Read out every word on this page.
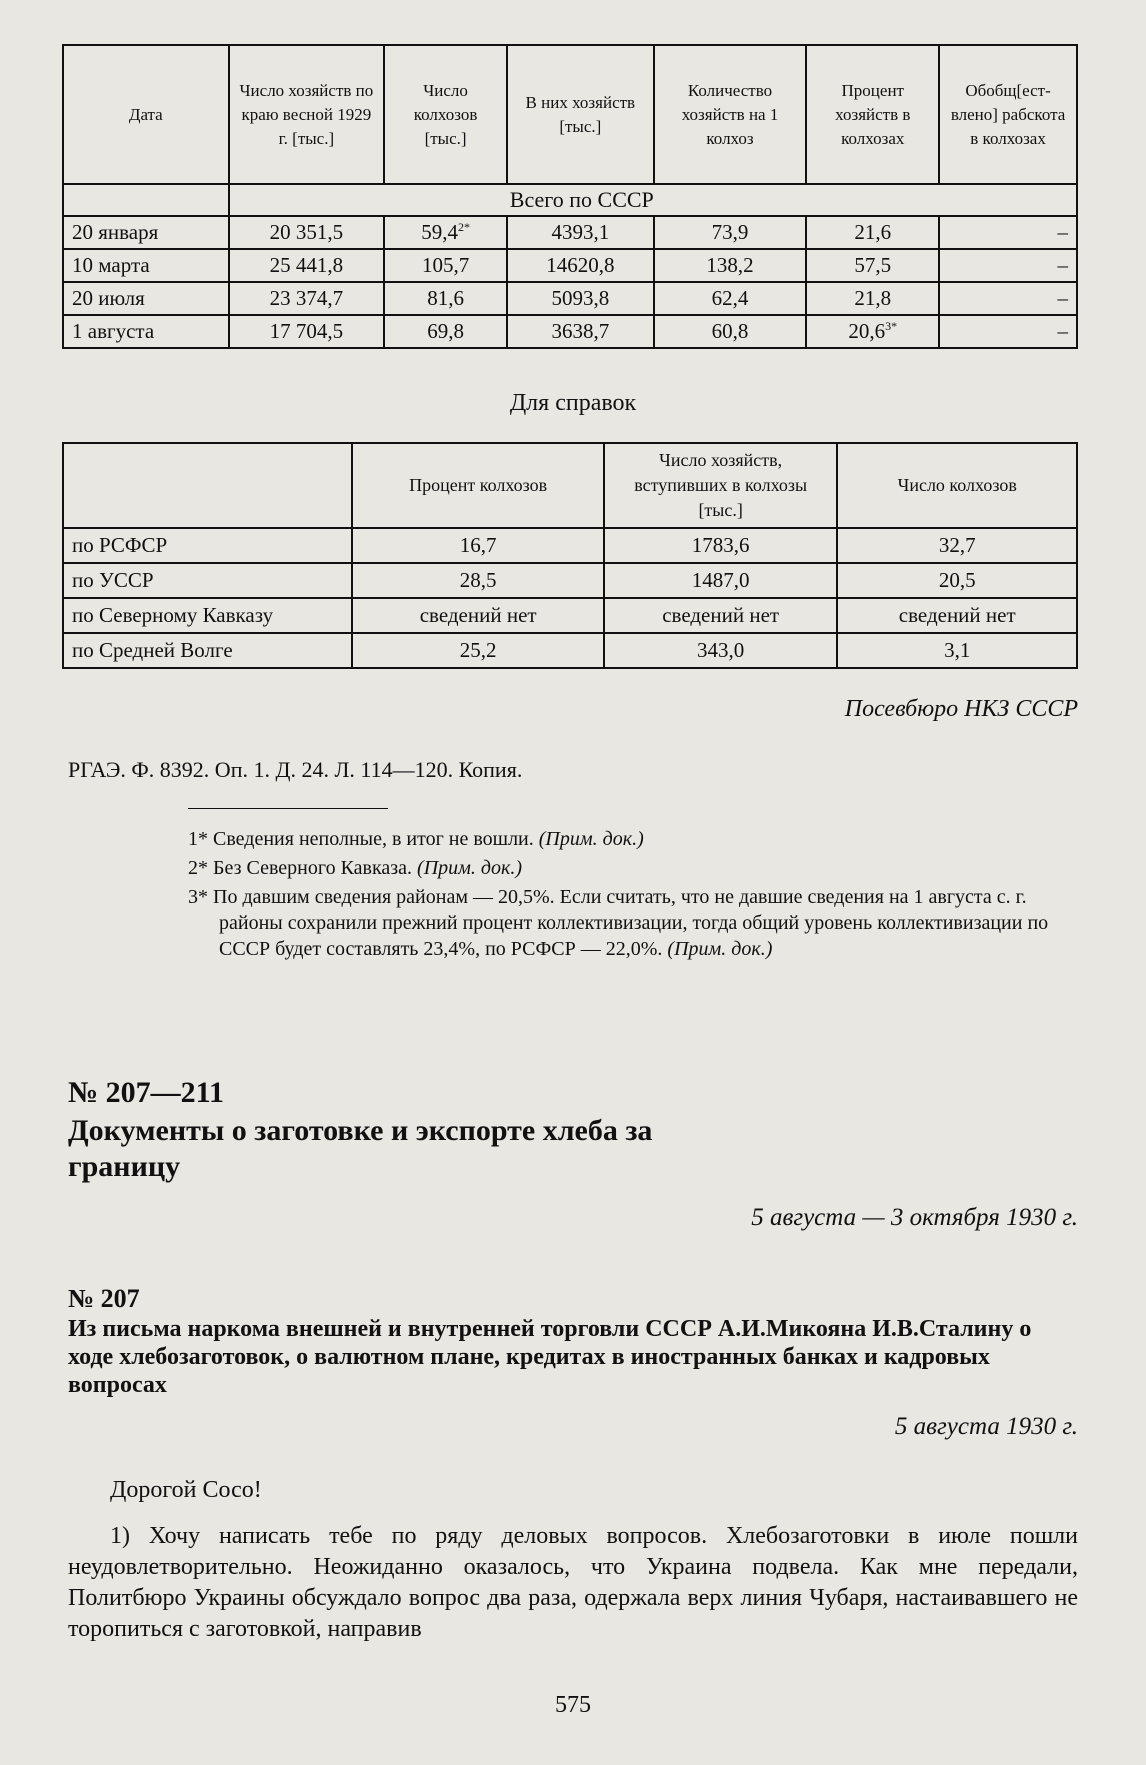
Дата	Число хозяйств по краю весной 1929 г. [тыс.]	Число колхозов [тыс.]	В них хозяйств [тыс.]	Количество хозяйств на 1 колхоз	Процент хозяйств в колхозах	Обобщ[ест-влено] рабскота в колхозах
	Всего по СССР					
20 января	20 351,5	$59,4^{2*}$	4393,1	73,9	21,6	–
10 марта	25 441,8	105,7	14620,8	138,2	57,5	–
20 июля	23 374,7	81,6	5093,8	62,4	21,8	–
1 августа	17 704,5	69,8	3638,7	60,8	$20,6^{3*}$	–
Для справок
	Процент колхозов	Число хозяйств, вступивших в колхозы [тыс.]	Число колхозов
по РСФСР	16,7	1783,6	32,7
по УССР	28,5	1487,0	20,5
по Северному Кавказу	сведений нет	сведений нет	сведений нет
по Средней Волге	25,2	343,0	3,1
Посевбюро НКЗ СССР
РГАЭ. Ф. 8392. Оп. 1. Д. 24. Л. 114—120. Копия.

1* Сведения неполные, в итог не вошли. (Прим. док.)

2* Без Северного Кавказа. (Прим. док.)

3* По давшим сведения районам — 20,5%. Если считать, что не давшие сведения на 1 августа с. г. районы сохранили прежний процент коллективизации, тогда общий уровень коллективизации по СССР будет составлять 23,4%, по РСФСР — 22,0%. (Прим. док.)

№ 207—211
Документы о заготовке и экспорте хлеба за границу
5 августа — 3 октября 1930 г.
№ 207
Из письма наркома внешней и внутренней торговли СССР А.И.Микояна И.В.Сталину о ходе хлебозаготовок, о валютном плане, кредитах в иностранных банках и кадровых вопросах
5 августа 1930 г.

Дорогой Сосо!

1) Хочу написать тебе по ряду деловых вопросов. Хлебозаготовки в июле пошли неудовлетворительно. Неожиданно оказалось, что Украина подвела. Как мне передали, Политбюро Украины обсуждало вопрос два раза, одержала верх линия Чубаря, настаивавшего не торопиться с заготовкой, направив

575
